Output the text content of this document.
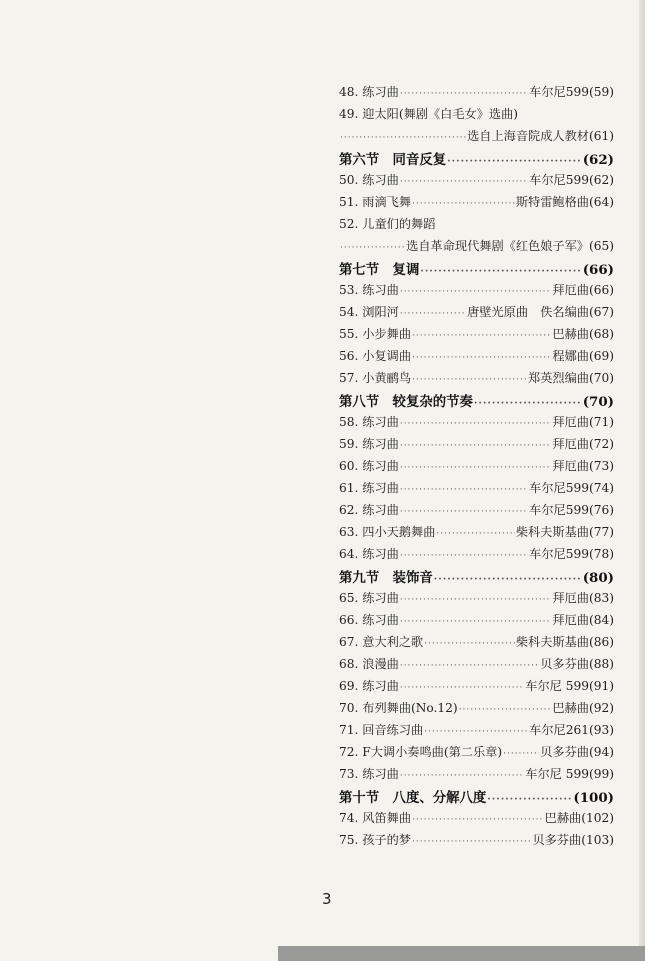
48. 练习曲 ·····	车尔尼599(59)
49. 迎太阳(舞剧《白毛女》选曲)
·····
选自上海音院成人教材(61)
第六节　同音反复 ·····	(62)
50. 练习曲 ·····	车尔尼599(62)
51. 雨滴飞舞 ·····	斯特雷鲍格曲(64)
52. 儿童们的舞蹈
·····
选自革命现代舞剧《红色娘子军》(65)
第七节　复调 ·····	(66)
53. 练习曲 ·····	拜厄曲(66)
54. 浏阳河 ·····	唐壁光原曲　佚名编曲(67)
55. 小步舞曲 ·····	巴赫曲(68)
56. 小复调曲 ·····	程娜曲(69)
57. 小黄鹂鸟 ·····	郑英烈编曲(70)
第八节　较复杂的节奏 ·····	(70)
58. 练习曲 ·····	拜厄曲(71)
59. 练习曲 ·····	拜厄曲(72)
60. 练习曲 ·····	拜厄曲(73)
61. 练习曲 ·····	车尔尼599(74)
62. 练习曲 ·····	车尔尼599(76)
63. 四小天鹅舞曲 ·····	柴科夫斯基曲(77)
64. 练习曲 ·····	车尔尼599(78)
第九节　装饰音 ·····	(80)
65. 练习曲 ·····	拜厄曲(83)
66. 练习曲 ·····	拜厄曲(84)
67. 意大利之歌 ·····	柴科夫斯基曲(86)
68. 浪漫曲 ·····	贝多芬曲(88)
69. 练习曲 ·····	车尔尼 599(91)
70. 布列舞曲(No.12) ·····	巴赫曲(92)
71. 回音练习曲 ·····	车尔尼261(93)
72. F大调小奏鸣曲(第二乐章) ·····	贝多芬曲(94)
73. 练习曲 ·····	车尔尼 599(99)
第十节　八度、分解八度 ·····	(100)
74. 风笛舞曲 ·····	巴赫曲(102)
75. 孩子的梦 ·····	贝多芬曲(103)
3
